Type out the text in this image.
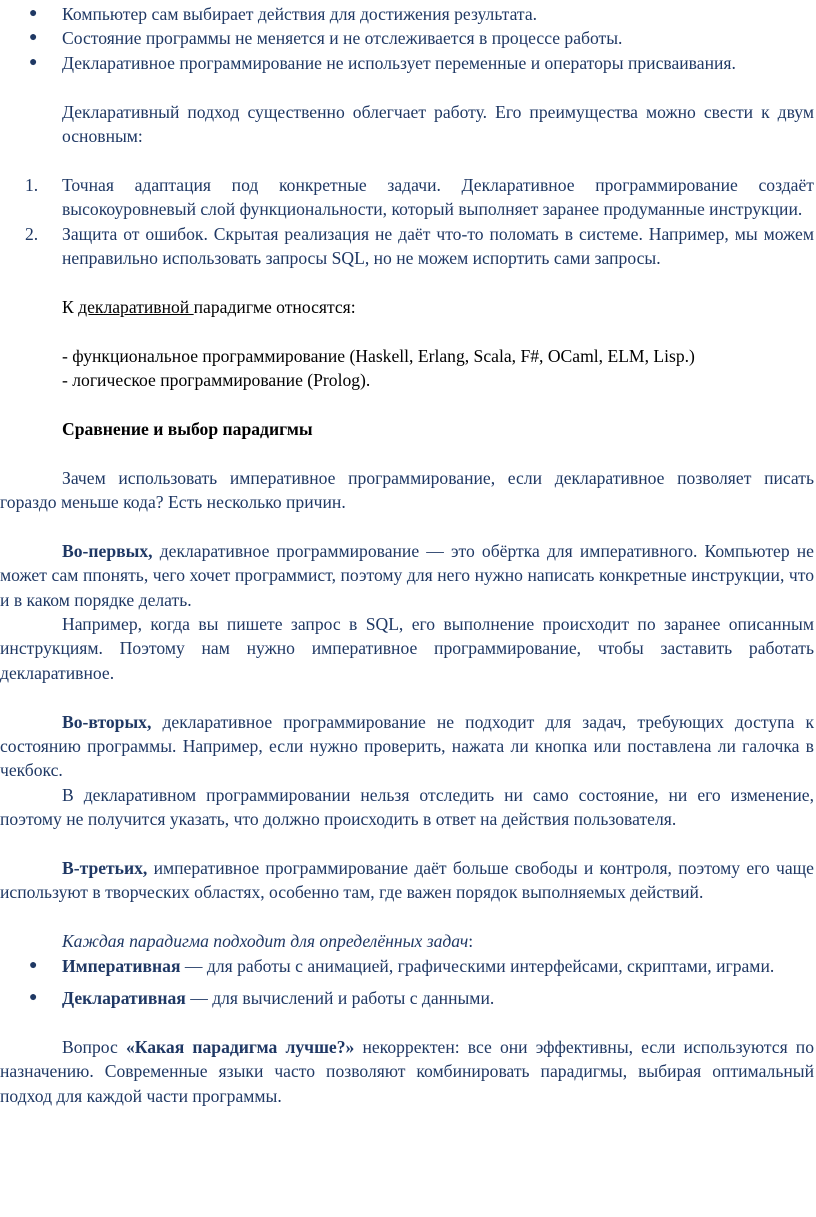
● Компьютер сам выбирает действия для достижения результата.

● Состояние программы не меняется и не отслеживается в процессе работы.

● Декларативное программирование не использует переменные и операторы присваивания.

Декларативный подход существенно облегчает работу. Его преимущества можно свести к двум основным:

1. Точная адаптация под конкретные задачи. Декларативное программирование создаёт высокоуровневый слой функциональности, который выполняет заранее продуманные инструкции.

2. Защита от ошибок. Скрытая реализация не даёт что-то поломать в системе. Например, мы можем неправильно использовать запросы SQL, но не можем испортить сами запросы.

К декларативной парадигме относятся:

- функциональное программирование (Haskell, Erlang, Scala, F#, OCaml, ELM, Lisp.)

- логическое программирование (Prolog).

Сравнение и выбор парадигмы

Зачем использовать императивное программирование, если декларативное позволяет писать гораздо меньше кода? Есть несколько причин.

Во-первых, декларативное программирование — это обёртка для императивного. Компьютер не может сам ппонять, чего хочет программист, поэтому для него нужно написать конкретные инструкции, что и в каком порядке делать.

Например, когда вы пишете запрос в SQL, его выполнение происходит по заранее описанным инструкциям. Поэтому нам нужно императивное программирование, чтобы заставить работать декларативное.

Во-вторых, декларативное программирование не подходит для задач, требующих доступа к состоянию программы. Например, если нужно проверить, нажата ли кнопка или поставлена ли галочка в чекбокс.

В декларативном программировании нельзя отследить ни само состояние, ни его изменение, поэтому не получится указать, что должно происходить в ответ на действия пользователя.

В-третьих, императивное программирование даёт больше свободы и контроля, поэтому его чаще используют в творческих областях, особенно там, где важен порядок выполняемых действий.

Каждая парадигма подходит для определённых задач:

● Императивная — для работы с анимацией, графическими интерфейсами, скриптами, играми.

● Декларативная — для вычислений и работы с данными.

Вопрос «Какая парадигма лучше?» некорректен: все они эффективны, если используются по назначению. Современные языки часто позволяют комбинировать парадигмы, выбирая оптимальный подход для каждой части программы.
